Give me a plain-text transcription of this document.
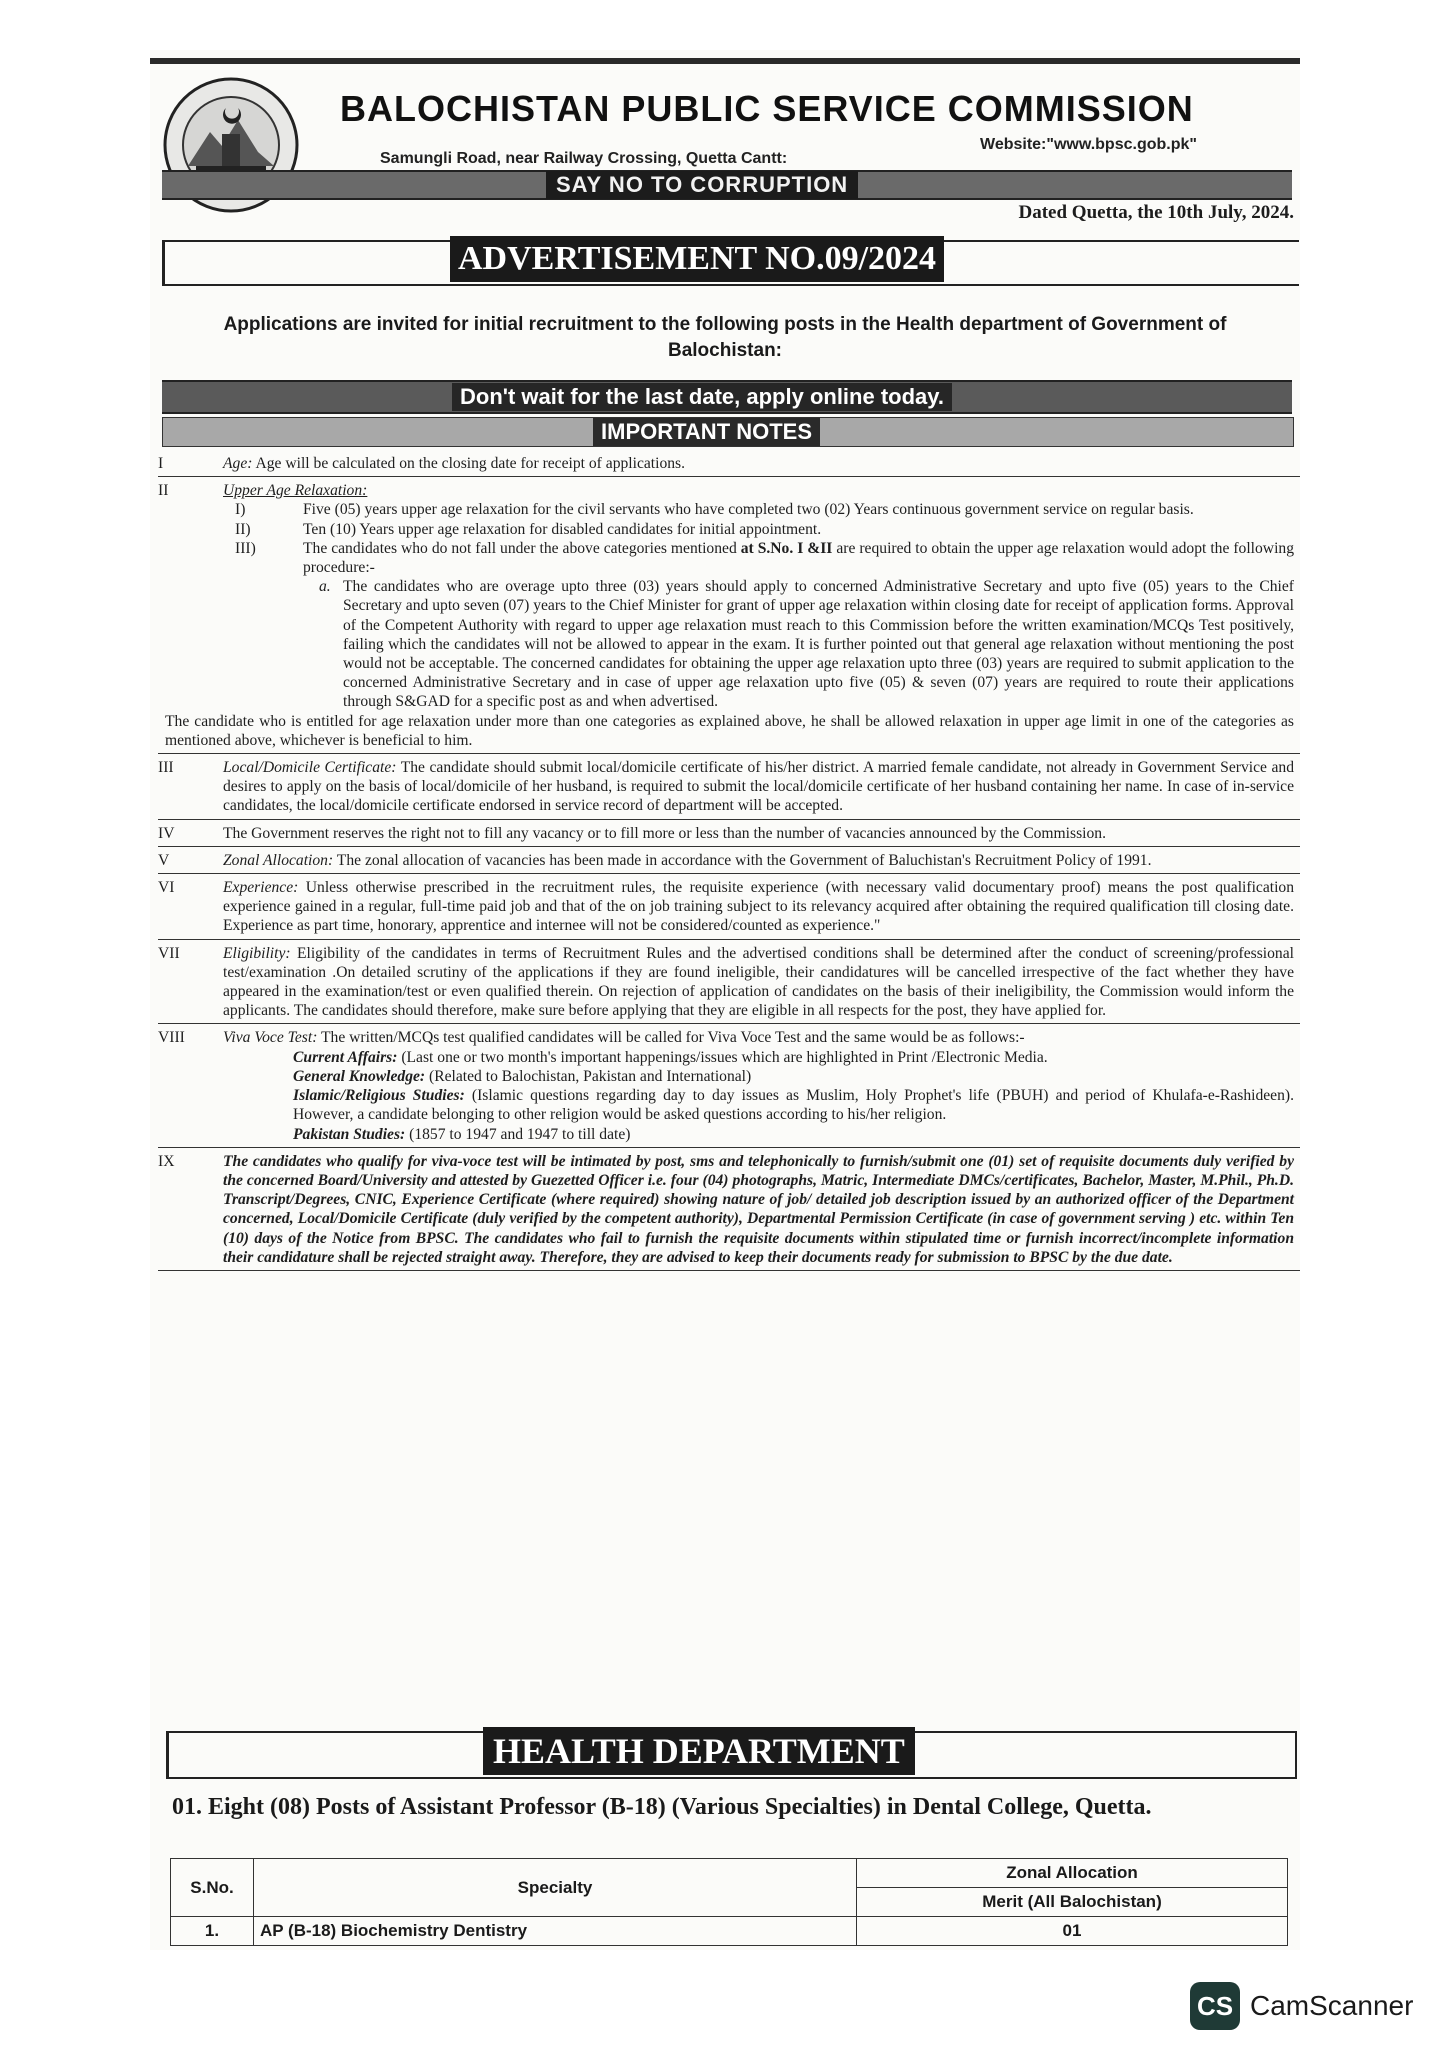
BALOCHISTAN PUBLIC SERVICE COMMISSION
Samungli Road, near Railway Crossing, Quetta Cantt:
Website:"www.bpsc.gob.pk"
SAY NO TO CORRUPTION
Dated Quetta, the 10th July, 2024.
ADVERTISEMENT NO.09/2024
Applications are invited for initial recruitment to the following posts in the Health department of Government of Balochistan:
Don't wait for the last date, apply online today.
IMPORTANT NOTES
I	Age: Age will be calculated on the closing date for receipt of applications.

II	Upper Age Relaxation:

I)	Five (05) years upper age relaxation for the civil servants who have completed two (02) Years continuous government service on regular basis.

II)	Ten (10) Years upper age relaxation for disabled candidates for initial appointment.

III)	The candidates who do not fall under the above categories mentioned at S.No. I &II are required to obtain the upper age relaxation would adopt the following procedure:-

a. The candidates who are overage upto three (03) years should apply to concerned Administrative Secretary and upto five (05) years to the Chief Secretary and upto seven (07) years to the Chief Minister for grant of upper age relaxation within closing date for receipt of application forms. Approval of the Competent Authority with regard to upper age relaxation must reach to this Commission before the written examination/MCQs Test positively, failing which the candidates will not be allowed to appear in the exam. It is further pointed out that general age relaxation without mentioning the post would not be acceptable. The concerned candidates for obtaining the upper age relaxation upto three (03) years are required to submit application to the concerned Administrative Secretary and in case of upper age relaxation upto five (05) & seven (07) years are required to route their applications through S&GAD for a specific post as and when advertised.

The candidate who is entitled for age relaxation under more than one categories as explained above, he shall be allowed relaxation in upper age limit in one of the categories as mentioned above, whichever is beneficial to him.

III	Local/Domicile Certificate: The candidate should submit local/domicile certificate of his/her district. A married female candidate, not already in Government Service and desires to apply on the basis of local/domicile of her husband, is required to submit the local/domicile certificate of her husband containing her name. In case of in-service candidates, the local/domicile certificate endorsed in service record of department will be accepted.

IV	The Government reserves the right not to fill any vacancy or to fill more or less than the number of vacancies announced by the Commission.

V	Zonal Allocation: The zonal allocation of vacancies has been made in accordance with the Government of Baluchistan's Recruitment Policy of 1991.

VI	Experience: Unless otherwise prescribed in the recruitment rules, the requisite experience (with necessary valid documentary proof) means the post qualification experience gained in a regular, full-time paid job and that of the on job training subject to its relevancy acquired after obtaining the required qualification till closing date. Experience as part time, honorary, apprentice and internee will not be considered/counted as experience."

VII	Eligibility: Eligibility of the candidates in terms of Recruitment Rules and the advertised conditions shall be determined after the conduct of screening/professional test/examination .On detailed scrutiny of the applications if they are found ineligible, their candidatures will be cancelled irrespective of the fact whether they have appeared in the examination/test or even qualified therein. On rejection of application of candidates on the basis of their ineligibility, the Commission would inform the applicants. The candidates should therefore, make sure before applying that they are eligible in all respects for the post, they have applied for.

VIII	Viva Voce Test: The written/MCQs test qualified candidates will be called for Viva Voce Test and the same would be as follows:-

Current Affairs: (Last one or two month's important happenings/issues which are highlighted in Print /Electronic Media.

General Knowledge: (Related to Balochistan, Pakistan and International)

Islamic/Religious Studies: (Islamic questions regarding day to day issues as Muslim, Holy Prophet's life (PBUH) and period of Khulafa-e-Rashideen). However, a candidate belonging to other religion would be asked questions according to his/her religion.

Pakistan Studies: (1857 to 1947 and 1947 to till date)

IX	The candidates who qualify for viva-voce test will be intimated by post, sms and telephonically to furnish/submit one (01) set of requisite documents duly verified by the concerned Board/University and attested by Guezetted Officer i.e. four (04) photographs, Matric, Intermediate DMCs/certificates, Bachelor, Master, M.Phil., Ph.D. Transcript/Degrees, CNIC, Experience Certificate (where required) showing nature of job/ detailed job description issued by an authorized officer of the Department concerned, Local/Domicile Certificate (duly verified by the competent authority), Departmental Permission Certificate (in case of government serving ) etc. within Ten (10) days of the Notice from BPSC. The candidates who fail to furnish the requisite documents within stipulated time or furnish incorrect/incomplete information their candidature shall be rejected straight away. Therefore, they are advised to keep their documents ready for submission to BPSC by the due date.

HEALTH DEPARTMENT
01. Eight (08) Posts of Assistant Professor (B-18) (Various Specialties) in Dental College, Quetta.
S.No.	Specialty	Zonal Allocation
		Merit (All Balochistan)
1.	AP (B-18) Biochemistry Dentistry	01
CS CamScanner
